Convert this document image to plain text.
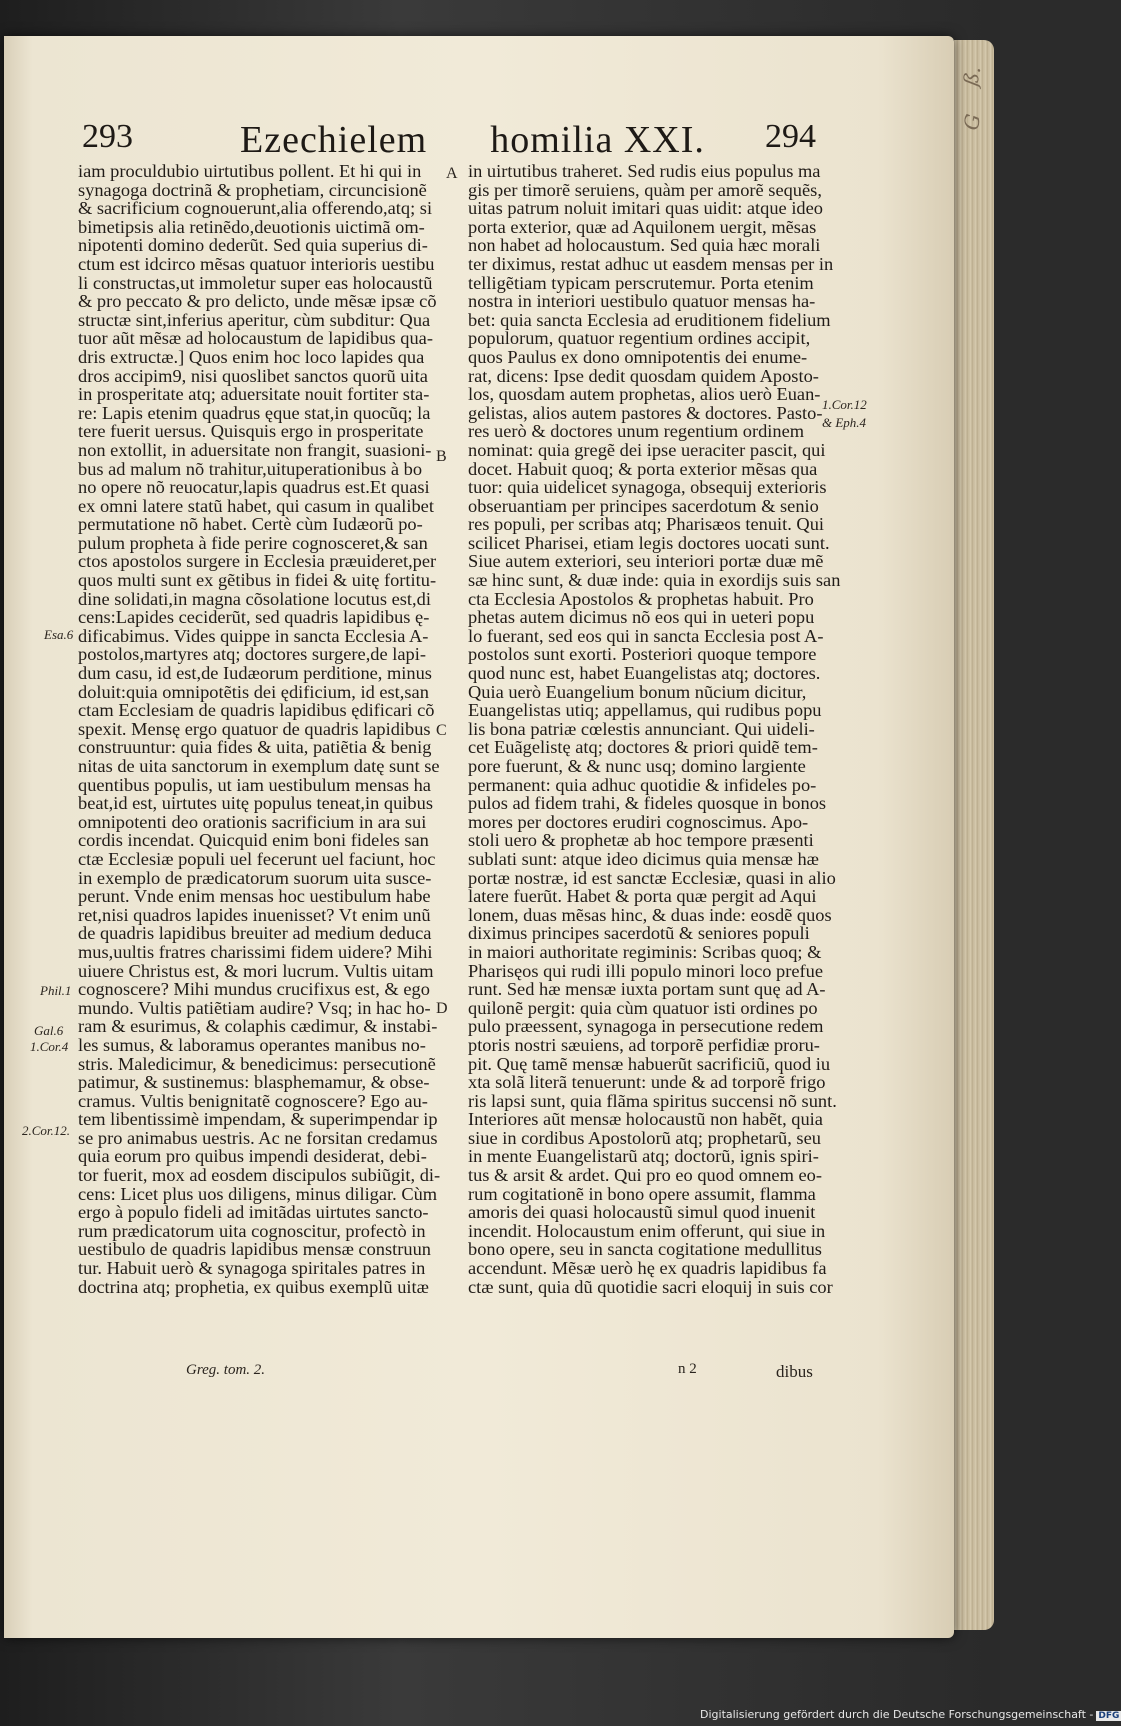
ß.
G
293	Ezechielem      homilia XXI. 294
iam proculdubio uirtutibus pollent. Et hi qui in
synagoga doctrinã & prophetiam, circuncisionẽ
& sacrificium cognouerunt,alia offerendo,atq; si
bimetipsis alia retinẽdo,deuotionis uictimã om-
nipotenti domino dederũt. Sed quia superius di-
ctum est idcirco mẽsas quatuor interioris uestibu
li constructas,ut immoletur super eas holocaustũ
& pro peccato & pro delicto, unde mẽsæ ipsæ cõ
structæ sint,inferius aperitur, cùm subditur: Qua
tuor aũt mẽsæ ad holocaustum de lapidibus qua-
dris extructæ.] Quos enim hoc loco lapides qua
dros accipim9, nisi quoslibet sanctos quorũ uita
in prosperitate atq; aduersitate nouit fortiter sta-
re: Lapis etenim quadrus ęque stat,in quocũq; la
tere fuerit uersus. Quisquis ergo in prosperitate
non extollit, in aduersitate non frangit, suasioni-
bus ad malum nõ trahitur,uituperationibus à bo
no opere nõ reuocatur,lapis quadrus est.Et quasi
ex omni latere statũ habet, qui casum in qualibet
permutatione nõ habet. Certè cùm Iudæorũ po-
pulum propheta à fide perire cognosceret,& san
ctos apostolos surgere in Ecclesia præuideret,per
quos multi sunt ex gẽtibus in fidei & uitę fortitu-
dine solidati,in magna cõsolatione locutus est,di
cens:Lapides ceciderũt, sed quadris lapidibus ę-
dificabimus. Vides quippe in sancta Ecclesia A-
postolos,martyres atq; doctores surgere,de lapi-
dum casu, id est,de Iudæorum perditione, minus
doluit:quia omnipotẽtis dei ędificium, id est,san
ctam Ecclesiam de quadris lapidibus ędificari cõ
spexit. Mensę ergo quatuor de quadris lapidibus
construuntur: quia fides & uita, patiẽtia & benig
nitas de uita sanctorum in exemplum datę sunt se
quentibus populis, ut iam uestibulum mensas ha
beat,id est, uirtutes uitę populus teneat,in quibus
omnipotenti deo orationis sacrificium in ara sui
cordis incendat. Quicquid enim boni fideles san
ctæ Ecclesiæ populi uel fecerunt uel faciunt, hoc
in exemplo de prædicatorum suorum uita susce-
perunt. Vnde enim mensas hoc uestibulum habe
ret,nisi quadros lapides inuenisset? Vt enim unũ
de quadris lapidibus breuiter ad medium deduca
mus,uultis fratres charissimi fidem uidere? Mihi
uiuere Christus est, & mori lucrum. Vultis uitam
cognoscere? Mihi mundus crucifixus est, & ego
mundo. Vultis patiẽtiam audire? Vsq; in hac ho-
ram & esurimus, & colaphis cædimur, & instabi-
les sumus, & laboramus operantes manibus no-
stris. Maledicimur, & benedicimus: persecutionẽ
patimur, & sustinemus: blasphemamur, & obse-
cramus. Vultis benignitatẽ cognoscere? Ego au-
tem libentissimè impendam, & superimpendar ip
se pro animabus uestris. Ac ne forsitan credamus
quia eorum pro quibus impendi desiderat, debi-
tor fuerit, mox ad eosdem discipulos subiũgit, di-
cens: Licet plus uos diligens, minus diligar. Cùm
ergo à populo fideli ad imitãdas uirtutes sancto-
rum prædicatorum uita cognoscitur, profectò in
uestibulo de quadris lapidibus mensæ construun
tur. Habuit uerò & synagoga spiritales patres in
doctrina atq; prophetia, ex quibus exemplũ uitæ
in uirtutibus traheret. Sed rudis eius populus ma
gis per timorẽ seruiens, quàm per amorẽ sequẽs,
uitas patrum noluit imitari quas uidit: atque ideo
porta exterior, quæ ad Aquilonem uergit, mẽsas
non habet ad holocaustum. Sed quia hæc morali
ter diximus, restat adhuc ut easdem mensas per in
telligẽtiam typicam perscrutemur. Porta etenim
nostra in interiori uestibulo quatuor mensas ha-
bet: quia sancta Ecclesia ad eruditionem fidelium
populorum, quatuor regentium ordines accipit,
quos Paulus ex dono omnipotentis dei enume-
rat, dicens: Ipse dedit quosdam quidem Aposto-
los, quosdam autem prophetas, alios uerò Euan-
gelistas, alios autem pastores & doctores. Pasto-
res uerò & doctores unum regentium ordinem
nominat: quia gregẽ dei ipse ueraciter pascit, qui
docet. Habuit quoq; & porta exterior mẽsas qua
tuor: quia uidelicet synagoga, obsequij exterioris
obseruantiam per principes sacerdotum & senio
res populi, per scribas atq; Pharisæos tenuit. Qui
scilicet Pharisei, etiam legis doctores uocati sunt.
Siue autem exteriori, seu interiori portæ duæ mẽ
sæ hinc sunt, & duæ inde: quia in exordijs suis san
cta Ecclesia Apostolos & prophetas habuit. Pro
phetas autem dicimus nõ eos qui in ueteri popu
lo fuerant, sed eos qui in sancta Ecclesia post A-
postolos sunt exorti. Posteriori quoque tempore
quod nunc est, habet Euangelistas atq; doctores.
Quia uerò Euangelium bonum nũcium dicitur,
Euangelistas utiq; appellamus, qui rudibus popu
lis bona patriæ cœlestis annunciant. Qui uideli-
cet Euãgelistę atq; doctores & priori quidẽ tem-
pore fuerunt, & & nunc usq; domino largiente
permanent: quia adhuc quotidie & infideles po-
pulos ad fidem trahi, & fideles quosque in bonos
mores per doctores erudiri cognoscimus. Apo-
stoli uero & prophetæ ab hoc tempore præsenti
sublati sunt: atque ideo dicimus quia mensæ hæ
portæ nostræ, id est sanctæ Ecclesiæ, quasi in alio
latere fuerũt. Habet & porta quæ pergit ad Aqui
lonem, duas mẽsas hinc, & duas inde: eosdẽ quos
diximus principes sacerdotũ & seniores populi
in maiori authoritate regiminis: Scribas quoq; &
Pharisęos qui rudi illi populo minori loco prefue
runt. Sed hæ mensæ iuxta portam sunt quę ad A-
quilonẽ pergit: quia cùm quatuor isti ordines po
pulo præessent, synagoga in persecutione redem
ptoris nostri sæuiens, ad torporẽ perfidiæ proru-
pit. Quę tamẽ mensæ habuerũt sacrificiũ, quod iu
xta solã literã tenuerunt: unde & ad torporẽ frigo
ris lapsi sunt, quia flãma spiritus succensi nõ sunt.
Interiores aũt mensæ holocaustũ non habẽt, quia
siue in cordibus Apostolorũ atq; prophetarũ, seu
in mente Euangelistarũ atq; doctorũ, ignis spiri-
tus & arsit & ardet. Qui pro eo quod omnem eo-
rum cogitationẽ in bono opere assumit, flamma
amoris dei quasi holocaustũ simul quod inuenit
incendit. Holocaustum enim offerunt, qui siue in
bono opere, seu in sancta cogitatione medullitus
accendunt. Mẽsæ uerò hę ex quadris lapidibus fa
ctæ sunt, quia dũ quotidie sacri eloquij in suis cor
A
B
C
D
1.Cor.12
& Eph.4
Esa.6
Phil.1
Gal.6
1.Cor.4
2.Cor.12.
Greg. tom. 2.	n 2	dibus
Digitalisierung gefördert durch die Deutsche Forschungsgemeinschaft - DFG
